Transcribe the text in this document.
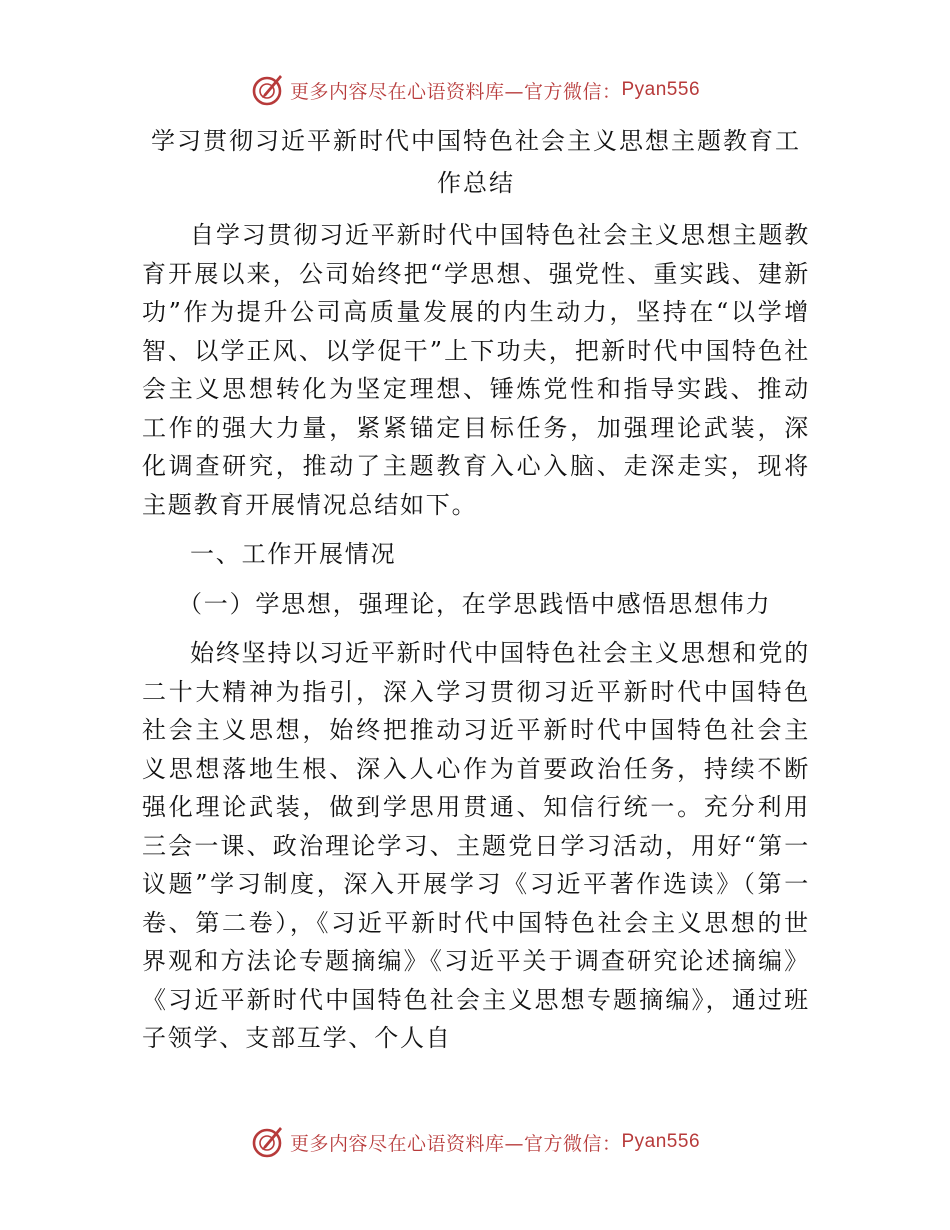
更多内容尽在心语资料库—官方微信： Pyan556
学习贯彻习近平新时代中国特色社会主义思想主题教育工作总结

自学习贯彻习近平新时代中国特色社会主义思想主题教育开展以来，公司始终把“学思想、强党性、重实践、建新功”作为提升公司高质量发展的内生动力，坚持在“以学增智、以学正风、以学促干”上下功夫，把新时代中国特色社会主义思想转化为坚定理想、锤炼党性和指导实践、推动工作的强大力量，紧紧锚定目标任务，加强理论武装，深化调查研究，推动了主题教育入心入脑、走深走实，现将主题教育开展情况总结如下。

一、工作开展情况
（一）学思想，强理论，在学思践悟中感悟思想伟力

始终坚持以习近平新时代中国特色社会主义思想和党的二十大精神为指引，深入学习贯彻习近平新时代中国特色社会主义思想，始终把推动习近平新时代中国特色社会主义思想落地生根、深入人心作为首要政治任务，持续不断强化理论武装，做到学思用贯通、知信行统一。充分利用三会一课、政治理论学习、主题党日学习活动，用好“第一议题”学习制度，深入开展学习《习近平著作选读》（第一卷、第二卷），《习近平新时代中国特色社会主义思想的世界观和方法论专题摘编》《习近平关于调查研究论述摘编》《习近平新时代中国特色社会主义思想专题摘编》，通过班子领学、支部互学、个人自

更多内容尽在心语资料库—官方微信： Pyan556
